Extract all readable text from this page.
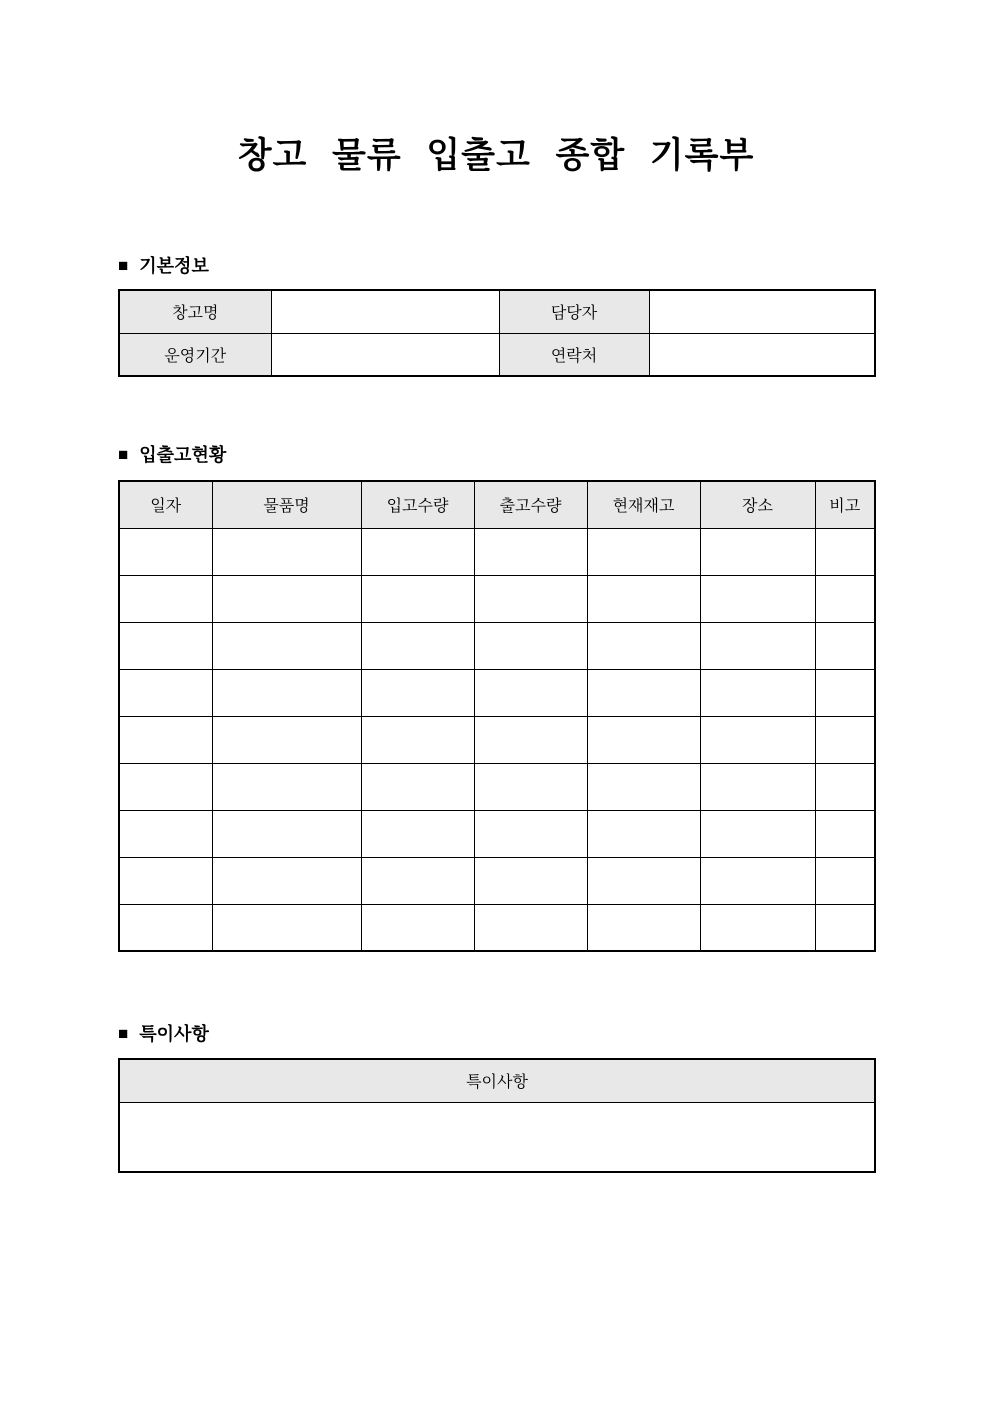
창고 물류 입출고 종합 기록부
■ 기본정보
창고명		담당자	
운영기간		연락처	
■ 입출고현황
일자	물품명	입고수량	출고수량	현재재고	장소	비고

■ 특이사항
특이사항
